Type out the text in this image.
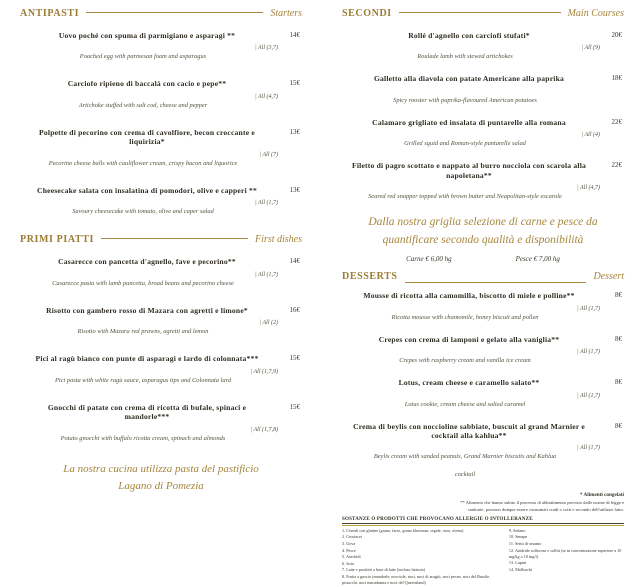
ANTIPASTI	Starters
Uovo poché con spuma di parmigiano e asparagi **	14€
Poached egg with parmesan foam and asparagus
| All (3,7)
Carciofo ripieno di baccalà con cacio e pepe**	15€
Artichoke stuffed with salt cod, cheese and pepper
| All (4,7)
Polpette di pecorino con crema di cavolfiore, becon croccante e liquirizia*
13€
Pecorino cheese balls with cauliflower cream, crispy bacon and liquorice
| All (7)
Cheesecake salata con insalatina di pomodori, olive e capperi **	13€
Savoury cheesecake with tomato, olive and caper salad
| All (1,7)
PRIMI PIATTI	First dishes
Casarecce con pancetta d'agnello, fave e pecorino**	14€
Casarecce pasta with lamb pancetta, broad beans and pecorino cheese
| All (1,7)
Risotto con gambero rosso di Mazara con agretti e limone*	16€
Risotto with Mazara red prawns, agretti and lemon
| All (2)
Pici al ragù bianco con punte di asparagi e lardo di colonnata***	15€
Pici pasta with white ragù sauce, asparagus tips and Colonnata lard
| All (1,7,9)
Gnocchi di patate con crema di ricotta di bufale, spinaci e mandorle***
15€
Potato gnocchi with buffalo ricotta cream, spinach and almonds
| All (1,7,8)
La nostra cucina utilizza pasta del pastificio
Lagano di Pomezia
SECONDI	Main Courses
Rollé d'agnello con carciofi stufati*	20€
Roulade lamb with stewed artichokes
| All (9)
Galletto alla diavola con patate Americane alla paprika	18€
Spicy rooster with paprika-flavoured American potatoes
Calamaro grigliato ed insalata di puntarelle alla romana	22€
Grilled squid and Roman-style puntarelle salad
| All (4)
Filetto di pagro scottato e nappato al burro nocciola con scarola alla napoletana**
22€
Seared red snapper topped with brown butter and Neapolitan-style escarole
| All (4,7)
Dalla nostra griglia selezione di carne e pesce da
quantificare secondo qualità e disponibilità
Carne € 6,00 hg	Pesce € 7,00 hg
DESSERTS	Dessert
Mousse di ricotta alla camomilla, biscotto di miele e polline**	8€
Ricotta mousse with chamomile, honey biscuit and pollen
| All (1,7)
Crepes con crema di lamponi e gelato alla vaniglia**	8€
Crepes with raspberry cream and vanilla ice cream
| All (1,7)
Lotus, cream cheese e caramello salato**	8€
Lotus cookie, cream cheese and salted caramel
| All (1,7)
Crema di beylis con noccioline sabbiate, buscuit al grand Marnier e cocktail alla kahlua**
8€
Beylis cream with sanded peanuts, Grand Marnier biscuits and Kahlua cocktail
| All (1,7)
* Alimenti congelati
** Alimento che hanno subito il processo di abbattimento previsto dalle norme di legge e sanitarie, possono dunque essere consumati crudi o cotti e secondo dell'utilizzo fatto.
SOSTANZE O PRODOTTI CHE PROVOCANO ALLERGIE O INTOLLERANZE
1. Cereali con glutine (grano, farro, grano khorasan, segale, orzo, avena)
2. Crostacei
3. Uova
4. Pesce
5. Arachidi
6. Soia
7. Latte e prodotti a base di latte (incluso lattosio)
8. Frutta a guscio (mandorle, nocciole, noci, noci di acagiù, noci pecan, noci del Brasile, pistacchi, noci macadamia e noci del Queensland)
9. Sedano
10. Senape
11. Semi di sesamo
12. Anidride solforosa e solfiti (se in concentrazione superiore a 10 mg/kg o 10 mg/l)
13. Lupini
14. Molluschi
